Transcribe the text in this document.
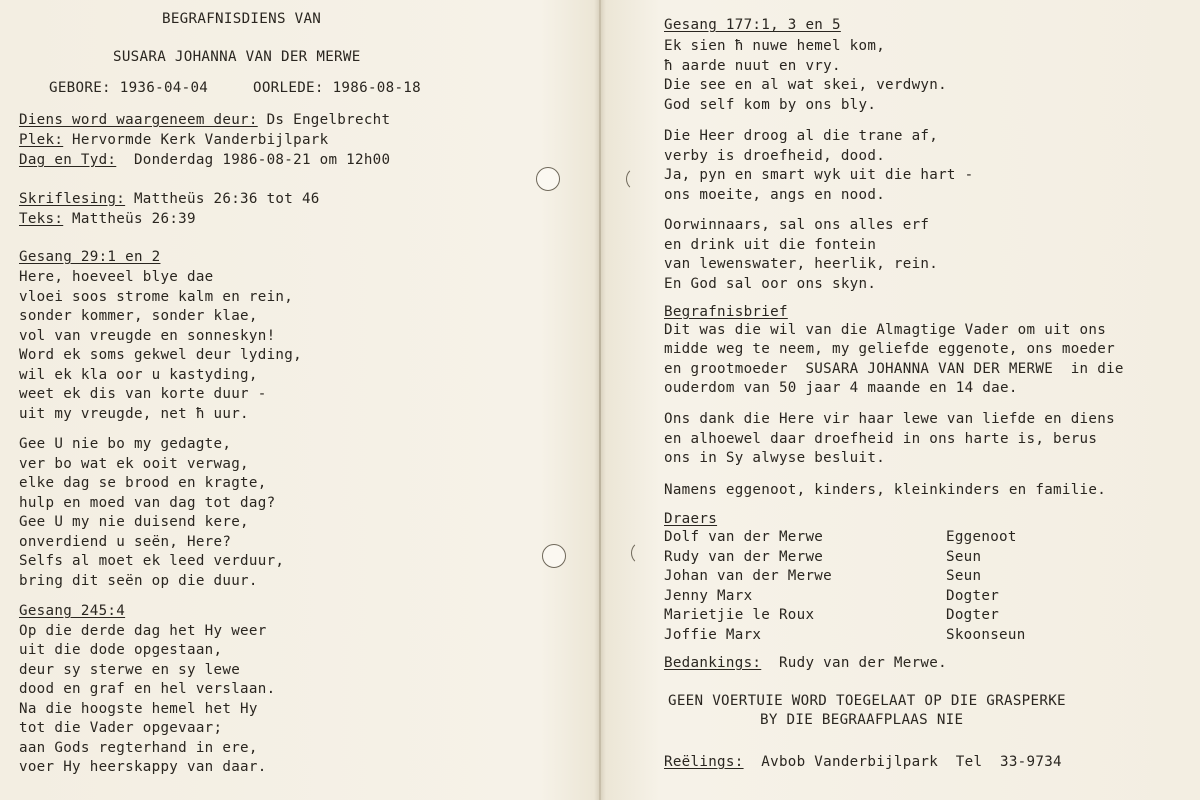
BEGRAFNISDIENS VAN
SUSARA JOHANNA VAN DER MERWE
GEBORE: 1936-04-04	OORLEDE: 1986-08-18
Diens word waargeneem deur: Ds Engelbrecht
Plek: Hervormde Kerk Vanderbijlpark
Dag en Tyd:  Donderdag 1986-08-21 om 12h00
Skriflesing: Mattheüs 26:36 tot 46
Teks: Mattheüs 26:39
Gesang 29:1 en 2
Here, hoeveel blye dae
vloei soos strome kalm en rein,
sonder kommer, sonder klae,
vol van vreugde en sonneskyn!
Word ek soms gekwel deur lyding,
wil ek kla oor u kastyding,
weet ek dis van korte duur -
uit my vreugde, net ħ uur.
Gee U nie bo my gedagte,
ver bo wat ek ooit verwag,
elke dag se brood en kragte,
hulp en moed van dag tot dag?
Gee U my nie duisend kere,
onverdiend u seën, Here?
Selfs al moet ek leed verduur,
bring dit seën op die duur.
Gesang 245:4
Op die derde dag het Hy weer
uit die dode opgestaan,
deur sy sterwe en sy lewe
dood en graf en hel verslaan.
Na die hoogste hemel het Hy
tot die Vader opgevaar;
aan Gods regterhand in ere,
voer Hy heerskappy van daar.
Gesang 177:1, 3 en 5
Ek sien ħ nuwe hemel kom,
ħ aarde nuut en vry.
Die see en al wat skei, verdwyn.
God self kom by ons bly.
Die Heer droog al die trane af,
verby is droefheid, dood.
Ja, pyn en smart wyk uit die hart -
ons moeite, angs en nood.
Oorwinnaars, sal ons alles erf
en drink uit die fontein
van lewenswater, heerlik, rein.
En God sal oor ons skyn.
Begrafnisbrief
Dit was die wil van die Almagtige Vader om uit ons
midde weg te neem, my geliefde eggenote, ons moeder
en grootmoeder  SUSARA JOHANNA VAN DER MERWE  in die
ouderdom van 50 jaar 4 maande en 14 dae.
Ons dank die Here vir haar lewe van liefde en diens
en alhoewel daar droefheid in ons harte is, berus
ons in Sy alwyse besluit.
Namens eggenoot, kinders, kleinkinders en familie.
Draers
Dolf van der Merwe	Eggenoot
Rudy van der Merwe	Seun
Johan van der Merwe	Seun
Jenny Marx	Dogter
Marietjie le Roux	Dogter
Joffie Marx	Skoonseun
Bedankings:  Rudy van der Merwe.
GEEN VOERTUIE WORD TOEGELAAT OP DIE GRASPERKE
BY DIE BEGRAAFPLAAS NIE
Reëlings:  Avbob Vanderbijlpark  Tel  33-9734
